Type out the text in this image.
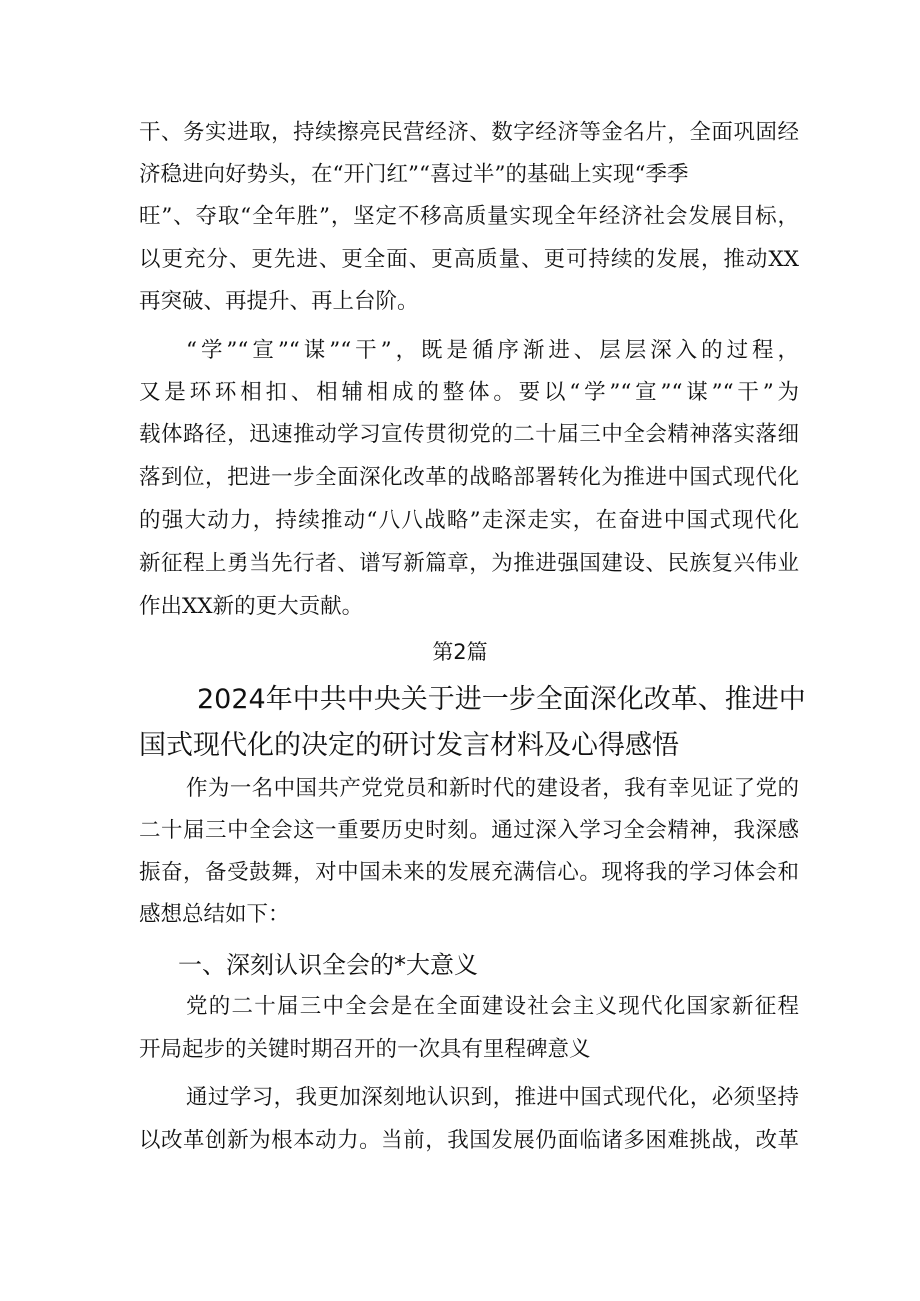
干、务实进取，持续擦亮民营经济、数字经济等金名片，全面巩固经
济稳进向好势头，在“开门红”“喜过半”的基础上实现“季季
旺”、夺取“全年胜”，坚定不移高质量实现全年经济社会发展目标，
以更充分、更先进、更全面、更高质量、更可持续的发展，推动XX
再突破、再提升、再上台阶。
“学”“宣”“谋”“干”，既是循序渐进、层层深入的过程，
又是环环相扣、相辅相成的整体。要以“学”“宣”“谋”“干”为
载体路径，迅速推动学习宣传贯彻党的二十届三中全会精神落实落细
落到位，把进一步全面深化改革的战略部署转化为推进中国式现代化
的强大动力，持续推动“八八战略”走深走实，在奋进中国式现代化
新征程上勇当先行者、谱写新篇章，为推进强国建设、民族复兴伟业
作出XX新的更大贡献。
第2篇
2024年中共中央关于进一步全面深化改革、推进中
国式现代化的决定的研讨发言材料及心得感悟
作为一名中国共产党党员和新时代的建设者，我有幸见证了党的
二十届三中全会这一重要历史时刻。通过深入学习全会精神，我深感
振奋，备受鼓舞，对中国未来的发展充满信心。现将我的学习体会和
感想总结如下：
一、深刻认识全会的*大意义
党的二十届三中全会是在全面建设社会主义现代化国家新征程
开局起步的关键时期召开的一次具有里程碑意义
通过学习，我更加深刻地认识到，推进中国式现代化，必须坚持
以改革创新为根本动力。当前，我国发展仍面临诸多困难挑战，改革
